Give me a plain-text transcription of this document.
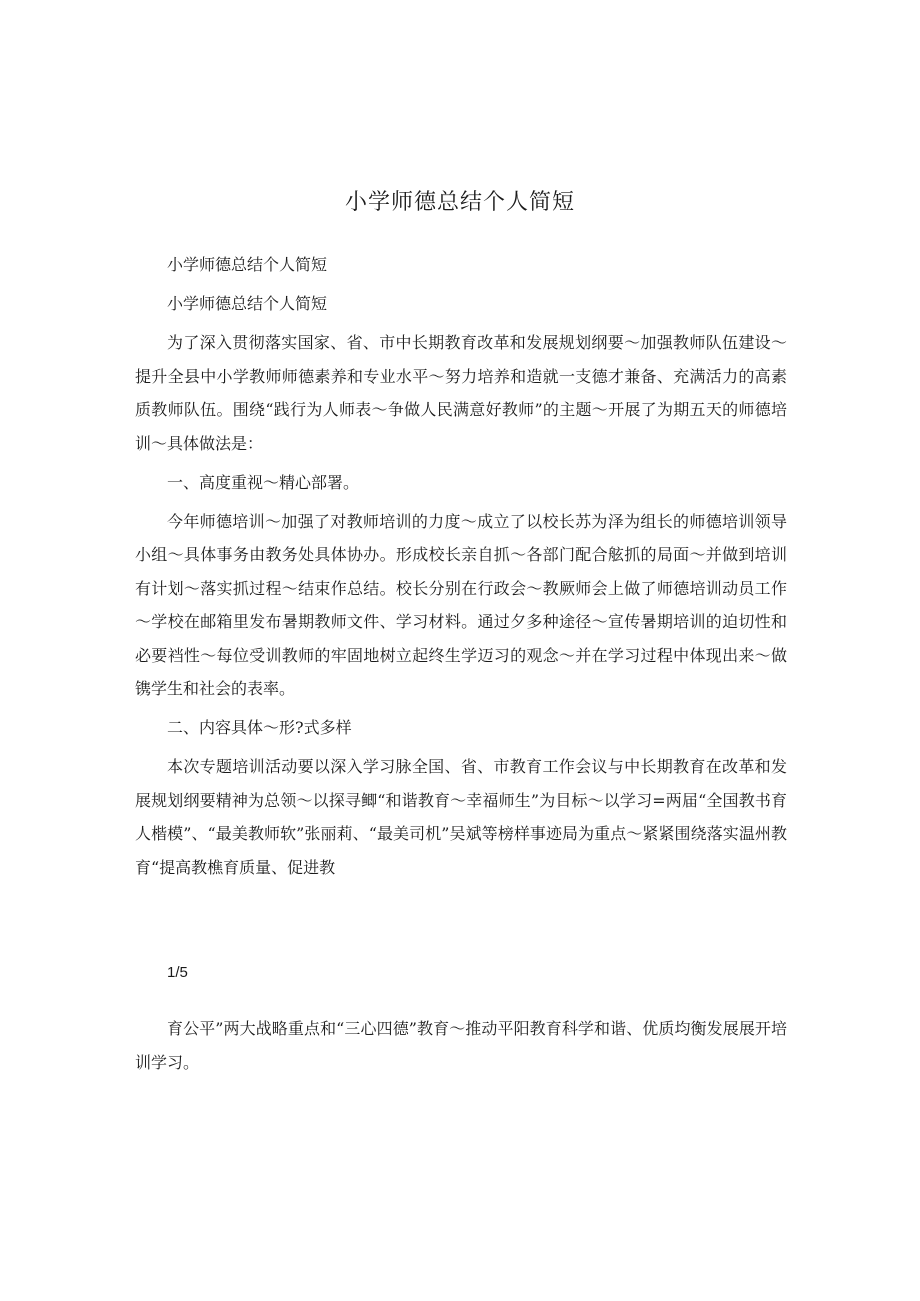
小学师德总结个人简短

小学师德总结个人简短

小学师德总结个人简短

为了深入贯彻落实国家、省、市中长期教育改革和发展规划纲要～加强教师队伍建设～提升全县中小学教师师德素养和专业水平～努力培养和造就一支德才兼备、充满活力的高素质教师队伍。围绕“践行为人师表～争做人民满意好教师”的主题～开展了为期五天的师德培训～具体做法是：

一、高度重视～精心部署。

今年师德培训～加强了对教师培训的力度～成立了以校长苏为泽为组长的师德培训领导小组～具体事务由教务处具体协办。形成校长亲自抓～各部门配合舷抓的局面～并做到培训有计划～落实抓过程～结束作总结。校长分别在行政会～教厥师会上做了师德培训动员工作～学校在邮箱里发布暑期教师文件、学习材料。通过夕多种途径～宣传暑期培训的迫切性和必要裆性～每位受训教师的牢固地树立起终生学迈习的观念～并在学习过程中体现出来～做镌学生和社会的表率。

二、内容具体～形?式多样

本次专题培训活动要以深入学习脉全国、省、市教育工作会议与中长期教育在改革和发展规划纲要精神为总领～以探寻鲫“和谐教育～幸福师生”为目标～以学习=两届“全国教书育人楷模”、“最美教师软”张丽莉、“最美司机”吴斌等榜样事迹局为重点～紧紧围绕落实温州教育“提高教樵育质量、促进教

1/5

育公平”两大战略重点和“三心四德”教育～推动平阳教育科学和谐、优质均衡发展展开培训学习。
